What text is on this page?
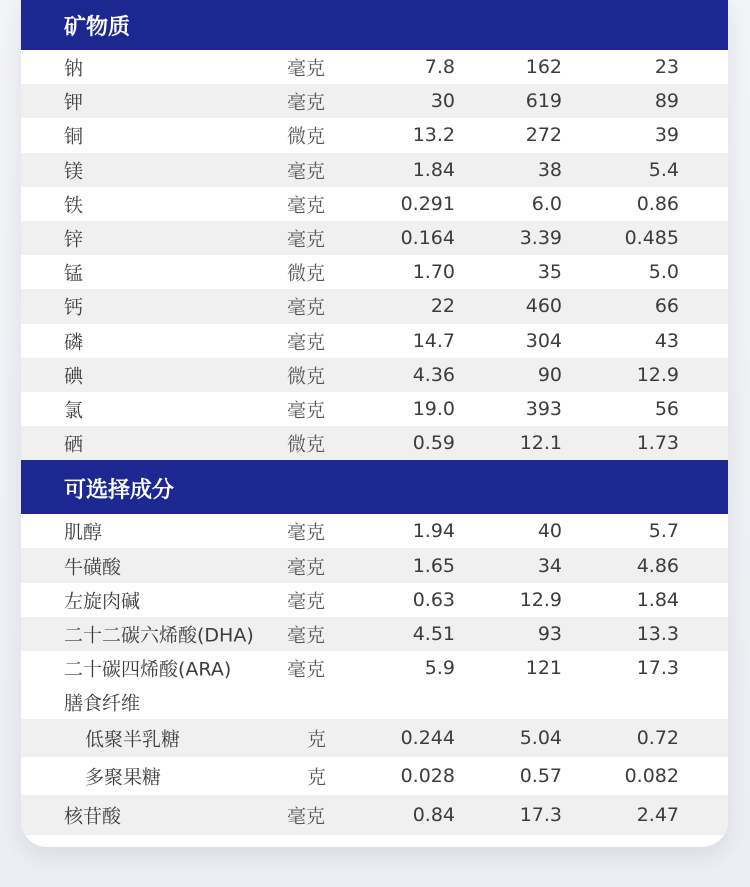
矿物质
钠	毫克	7.8	162	23
钾	毫克	30	619	89
铜	微克	13.2	272	39
镁	毫克	1.84	38	5.4
铁	毫克	0.291	6.0	0.86
锌	毫克	0.164	3.39	0.485
锰	微克	1.70	35	5.0
钙	毫克	22	460	66
磷	毫克	14.7	304	43
碘	微克	4.36	90	12.9
氯	毫克	19.0	393	56
硒	微克	0.59	12.1	1.73
可选择成分
肌醇	毫克	1.94	40	5.7
牛磺酸	毫克	1.65	34	4.86
左旋肉碱	毫克	0.63	12.9	1.84
二十二碳六烯酸(DHA) 毫克	4.51	93	13.3
二十碳四烯酸(ARA)	毫克	5.9	121	17.3
膳食纤维
低聚半乳糖	克	0.244	5.04	0.72
多聚果糖	克	0.028	0.57	0.082
核苷酸	毫克	0.84	17.3	2.47
